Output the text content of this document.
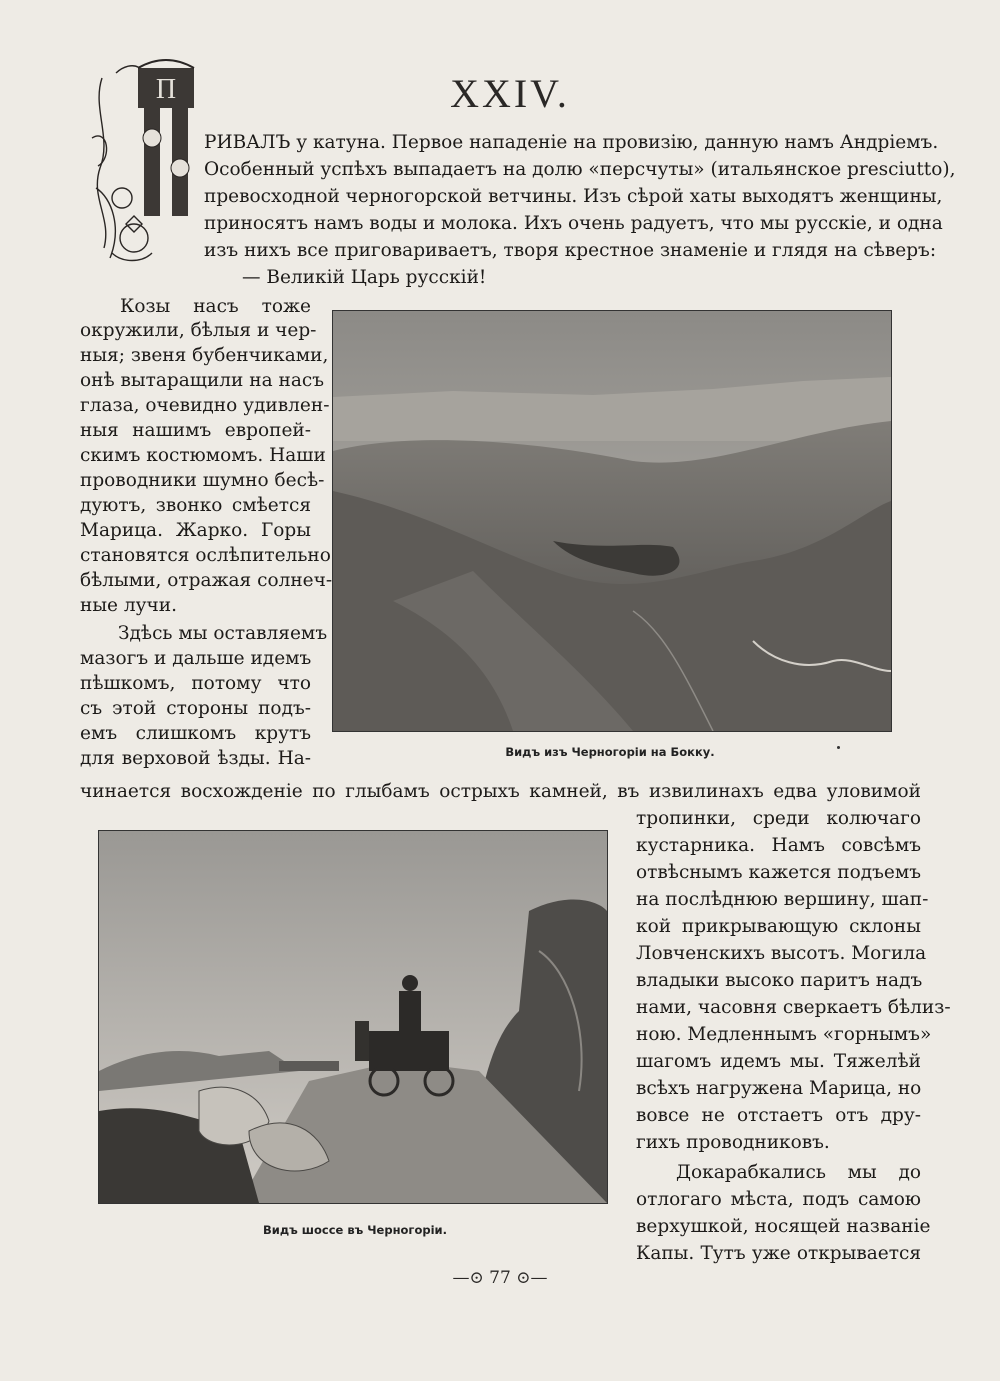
П	XXIV.
РИВАЛЪ у катуна. Первое нападеніе на провизію, данную намъ Андріемъ.
Особенный успѣхъ выпадаетъ на долю «персчуты» (итальянское presciutto),
превосходной черногорской ветчины. Изъ сѣрой хаты выходятъ женщины,
приносятъ намъ воды и молока. Ихъ очень радуетъ, что мы русскіе, и одна
изъ нихъ все приговариваетъ, творя крестное знаменіе и глядя на сѣверъ:
— Великій Царь русскій!
Козы насъ тоже
окружили, бѣлыя и чер-
ныя; звеня бубенчиками,
онѣ вытаращили на насъ
глаза, очевидно удивлен-
ныя нашимъ европей-
скимъ костюмомъ. Наши
проводники шумно бесѣ-
дуютъ, звонко смѣется
Марица. Жарко. Горы
становятся ослѣпительно
бѣлыми, отражая солнеч-
ные лучи.
Здѣсь мы оставляемъ
мазогъ и дальше идемъ
пѣшкомъ, потому что
съ этой стороны подъ-
емъ слишкомъ крутъ
для верховой ѣзды. На-	Видъ изъ Черногоріи на Бокку.
чинается восхожденіе по глыбамъ острыхъ камней, въ извилинахъ едва уловимой
Видъ шоссе въ Черногоріи.
тропинки, среди колючаго
кустарника. Намъ совсѣмъ
отвѣснымъ кажется подъемъ
на послѣднюю вершину, шап-
кой прикрывающую склоны
Ловченскихъ высотъ. Могила
владыки высоко паритъ надъ
нами, часовня сверкаетъ бѣлиз-
ною. Медленнымъ «горнымъ»
шагомъ идемъ мы. Тяжелѣй
всѣхъ нагружена Марица, но
вовсе не отстаетъ отъ дру-
гихъ проводниковъ.
Докарабкались мы до
отлогаго мѣста, подъ самою
верхушкой, носящей названіе
Капы. Тутъ уже открывается
—⊙ 77 ⊙—
